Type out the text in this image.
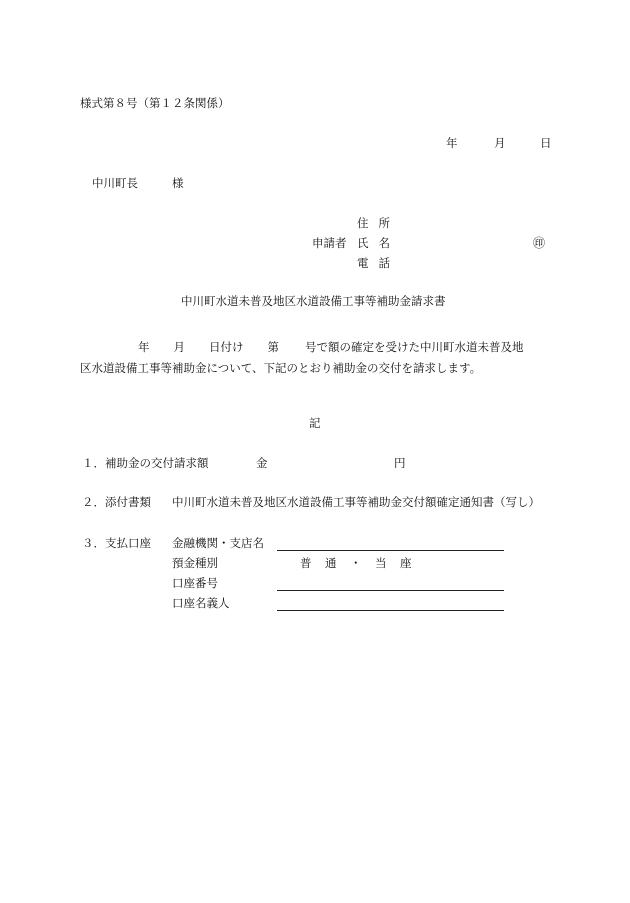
様式第８号（第１２条関係）
年	月	日
中川町長	様
住所
申請者 氏名	㊞
電話
中川町水道未普及地区水道設備工事等補助金請求書
年 月 日付け 第 号で額の確定を受けた中川町水道未普及地
区水道設備工事等補助金について、下記のとおり補助金の交付を請求します。
記
１．補助金の交付請求額	金	円
２．添付書類 中川町水道未普及地区水道設備工事等補助金交付額確定通知書（写し）
３．支払口座 金融機関・支店名
預金種別	普　通　・　当　座
口座番号
口座名義人
